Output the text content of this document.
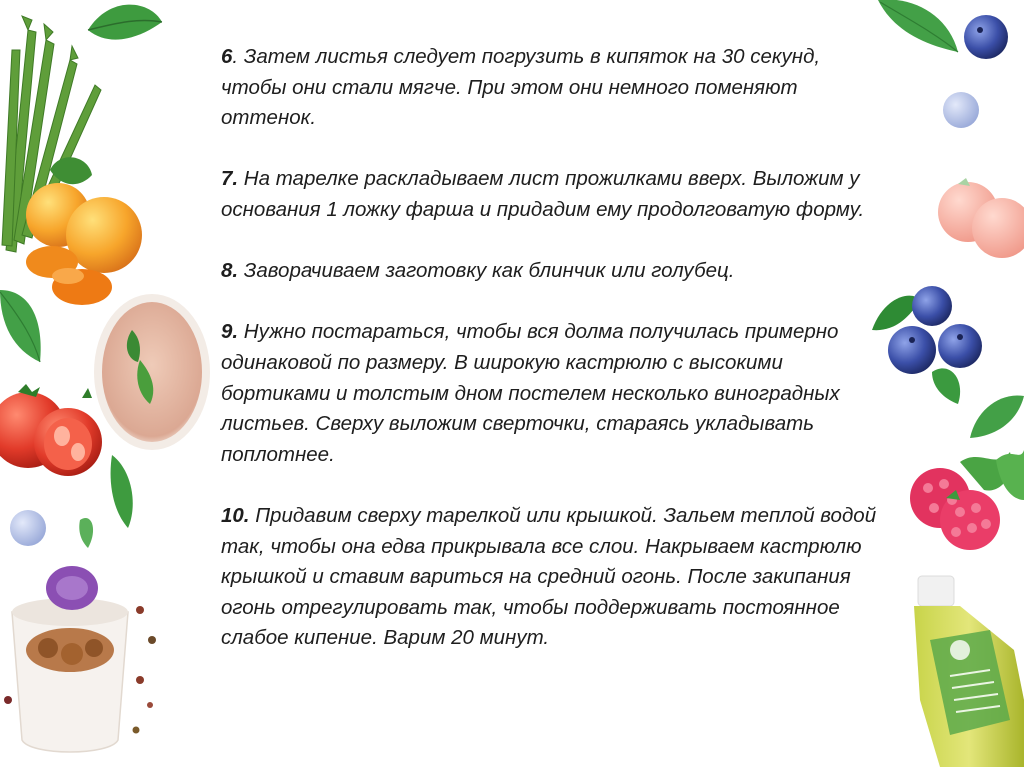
6. Затем листья следует погрузить в кипяток на 30 секунд, чтобы они стали мягче. При этом они немного поменяют оттенок.

7. На тарелке раскладываем лист прожилками вверх. Выложим у основания 1 ложку фарша и придадим ему продолговатую форму.

8. Заворачиваем заготовку как блинчик или голубец.

9. Нужно постараться, чтобы вся долма получилась примерно одинаковой по размеру. В широкую кастрюлю с высокими бортиками и толстым дном постелем несколько виноградных листьев. Сверху выложим сверточки, стараясь укладывать поплотнее.

10. Придавим сверху тарелкой или крышкой. Зальем теплой водой так, чтобы она едва прикрывала все слои. Накрываем кастрюлю крышкой и ставим вариться на средний огонь. После закипания огонь отрегулировать так, чтобы поддерживать постоянное слабое кипение. Варим 20 минут.
